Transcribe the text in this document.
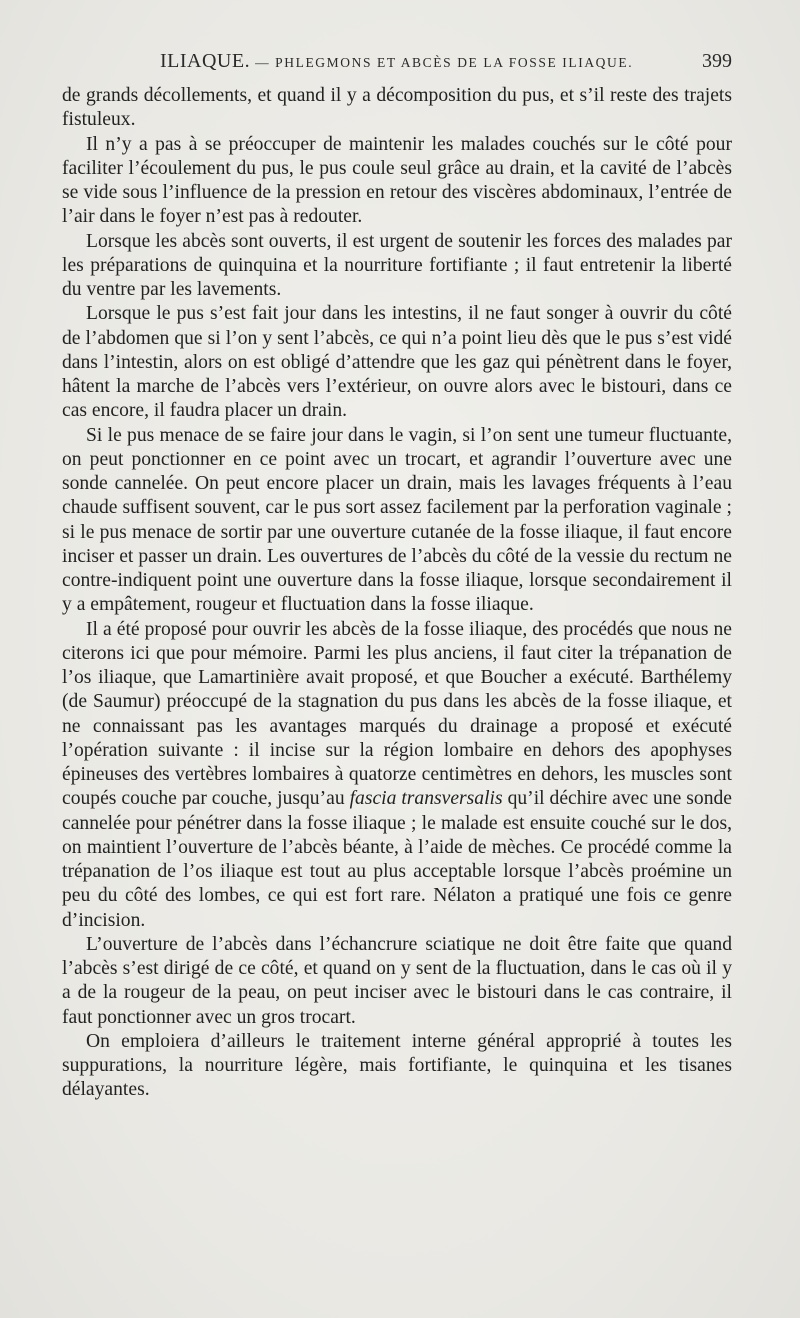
ILIAQUE. — PHLEGMONS ET ABCÈS DE LA FOSSE ILIAQUE.	399

de grands décollements, et quand il y a décomposition du pus, et s’il reste des trajets fistuleux.

Il n’y a pas à se préoccuper de maintenir les malades couchés sur le côté pour faciliter l’écoulement du pus, le pus coule seul grâce au drain, et la cavité de l’abcès se vide sous l’influence de la pression en retour des viscères abdominaux, l’entrée de l’air dans le foyer n’est pas à redouter.

Lorsque les abcès sont ouverts, il est urgent de soutenir les forces des malades par les préparations de quinquina et la nourriture fortifiante ; il faut entretenir la liberté du ventre par les lavements.

Lorsque le pus s’est fait jour dans les intestins, il ne faut songer à ouvrir du côté de l’abdomen que si l’on y sent l’abcès, ce qui n’a point lieu dès que le pus s’est vidé dans l’intestin, alors on est obligé d’attendre que les gaz qui pénètrent dans le foyer, hâtent la marche de l’abcès vers l’extérieur, on ouvre alors avec le bistouri, dans ce cas encore, il faudra placer un drain.

Si le pus menace de se faire jour dans le vagin, si l’on sent une tumeur fluctuante, on peut ponctionner en ce point avec un trocart, et agrandir l’ouverture avec une sonde cannelée. On peut encore placer un drain, mais les lavages fréquents à l’eau chaude suffisent souvent, car le pus sort assez facilement par la perforation vaginale ; si le pus menace de sortir par une ouverture cutanée de la fosse iliaque, il faut encore inciser et passer un drain. Les ouvertures de l’abcès du côté de la vessie du rectum ne contre-indiquent point une ouverture dans la fosse iliaque, lorsque secondairement il y a empâtement, rougeur et fluctuation dans la fosse iliaque.

Il a été proposé pour ouvrir les abcès de la fosse iliaque, des procédés que nous ne citerons ici que pour mémoire. Parmi les plus anciens, il faut citer la trépanation de l’os iliaque, que Lamartinière avait proposé, et que Boucher a exécuté. Barthélemy (de Saumur) préoccupé de la stagnation du pus dans les abcès de la fosse iliaque, et ne connaissant pas les avantages marqués du drainage a proposé et exécuté l’opération suivante : il incise sur la région lombaire en dehors des apophyses épineuses des vertèbres lombaires à quatorze centimètres en dehors, les muscles sont coupés couche par couche, jusqu’au fascia transversalis qu’il déchire avec une sonde cannelée pour pénétrer dans la fosse iliaque ; le malade est ensuite couché sur le dos, on maintient l’ouverture de l’abcès béante, à l’aide de mèches. Ce procédé comme la trépanation de l’os iliaque est tout au plus acceptable lorsque l’abcès proémine un peu du côté des lombes, ce qui est fort rare. Nélaton a pratiqué une fois ce genre d’incision.

L’ouverture de l’abcès dans l’échancrure sciatique ne doit être faite que quand l’abcès s’est dirigé de ce côté, et quand on y sent de la fluctuation, dans le cas où il y a de la rougeur de la peau, on peut inciser avec le bistouri dans le cas contraire, il faut ponctionner avec un gros trocart.

On emploiera d’ailleurs le traitement interne général approprié à toutes les suppurations, la nourriture légère, mais fortifiante, le quinquina et les tisanes délayantes.
